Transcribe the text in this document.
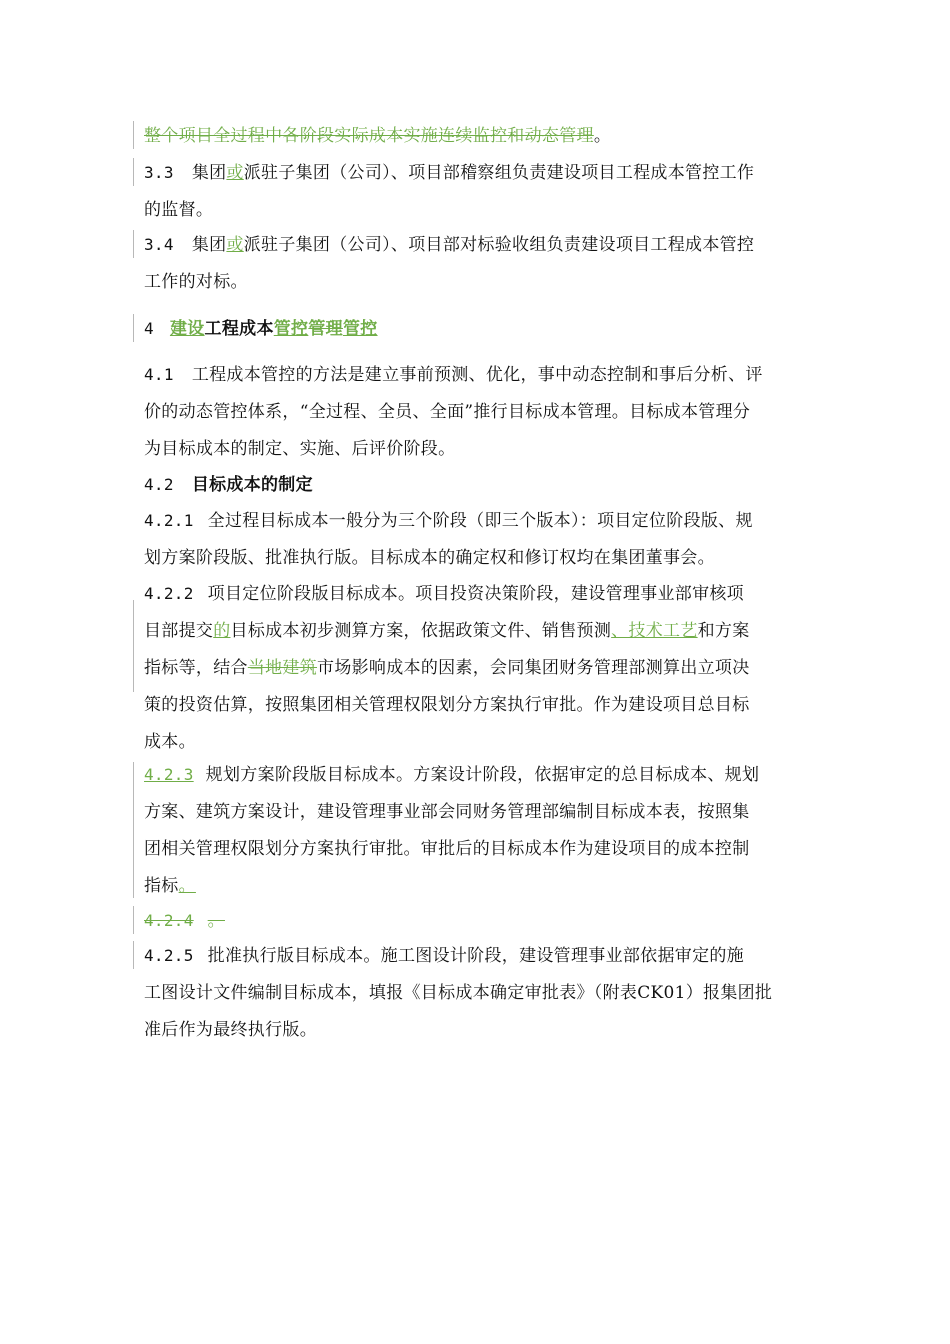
整个项目全过程中各阶段实际成本实施连续监控和动态管理。
3.3 集团或派驻子集团（公司）、项目部稽察组负责建设项目工程成本管控工作
的监督。
3.4 集团或派驻子集团（公司）、项目部对标验收组负责建设项目工程成本管控
工作的对标。
4 建设工程成本管控管理管控
4.1 工程成本管控的方法是建立事前预测、优化，事中动态控制和事后分析、评
价的动态管控体系，“全过程、全员、全面”推行目标成本管理。目标成本管理分
为目标成本的制定、实施、后评价阶段。
4.2 目标成本的制定
4.2.1 全过程目标成本一般分为三个阶段（即三个版本）：项目定位阶段版、规
划方案阶段版、批准执行版。目标成本的确定权和修订权均在集团董事会。
4.2.2 项目定位阶段版目标成本。项目投资决策阶段，建设管理事业部审核项
目部提交的目标成本初步测算方案，依据政策文件、销售预测、技术工艺和方案
指标等，结合当地建筑市场影响成本的因素，会同集团财务管理部测算出立项决
策的投资估算，按照集团相关管理权限划分方案执行审批。作为建设项目总目标
成本。
4.2.3 规划方案阶段版目标成本。方案设计阶段，依据审定的总目标成本、规划
方案、建筑方案设计，建设管理事业部会同财务管理部编制目标成本表，按照集
团相关管理权限划分方案执行审批。审批后的目标成本作为建设项目的成本控制
指标。
4.2.4 。
4.2.5 批准执行版目标成本。施工图设计阶段，建设管理事业部依据审定的施
工图设计文件编制目标成本，填报《目标成本确定审批表》（附表CK01）报集团批
准后作为最终执行版。
